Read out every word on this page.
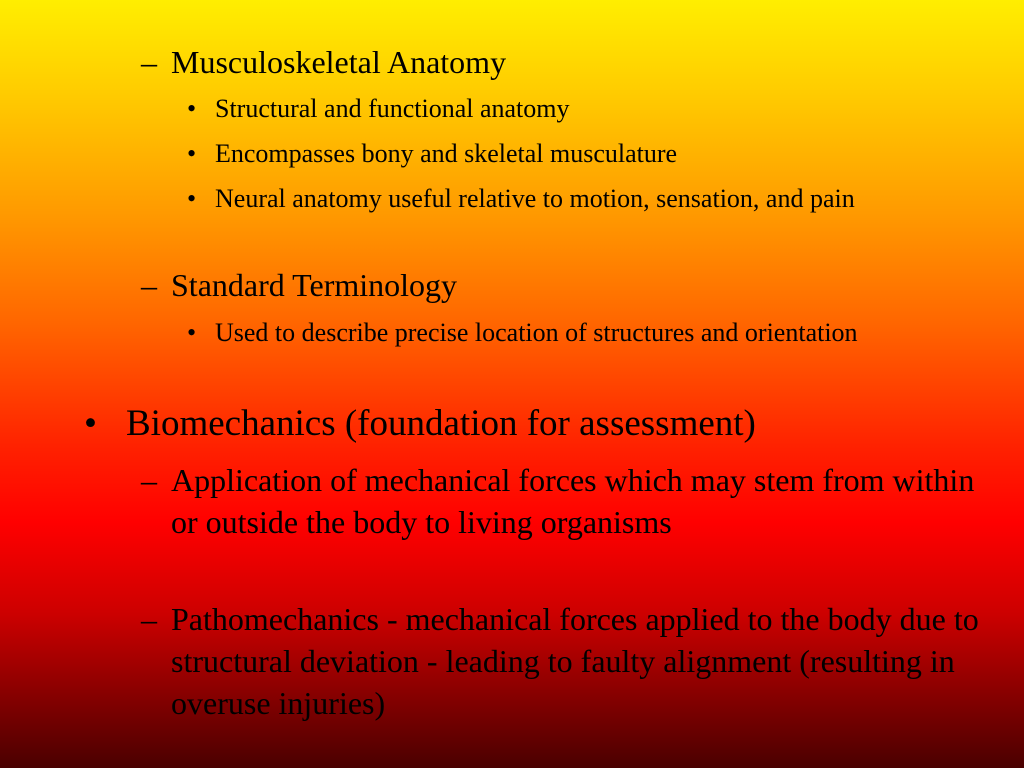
– Musculoskeletal Anatomy
• Structural and functional anatomy
• Encompasses bony and skeletal musculature
• Neural anatomy useful relative to motion, sensation, and pain
– Standard Terminology
• Used to describe precise location of structures and orientation
• Biomechanics (foundation for assessment)
– Application of mechanical forces which may stem from within or outside the body to living organisms
– Pathomechanics - mechanical forces applied to the body due to structural deviation - leading to faulty alignment (resulting in overuse injuries)
